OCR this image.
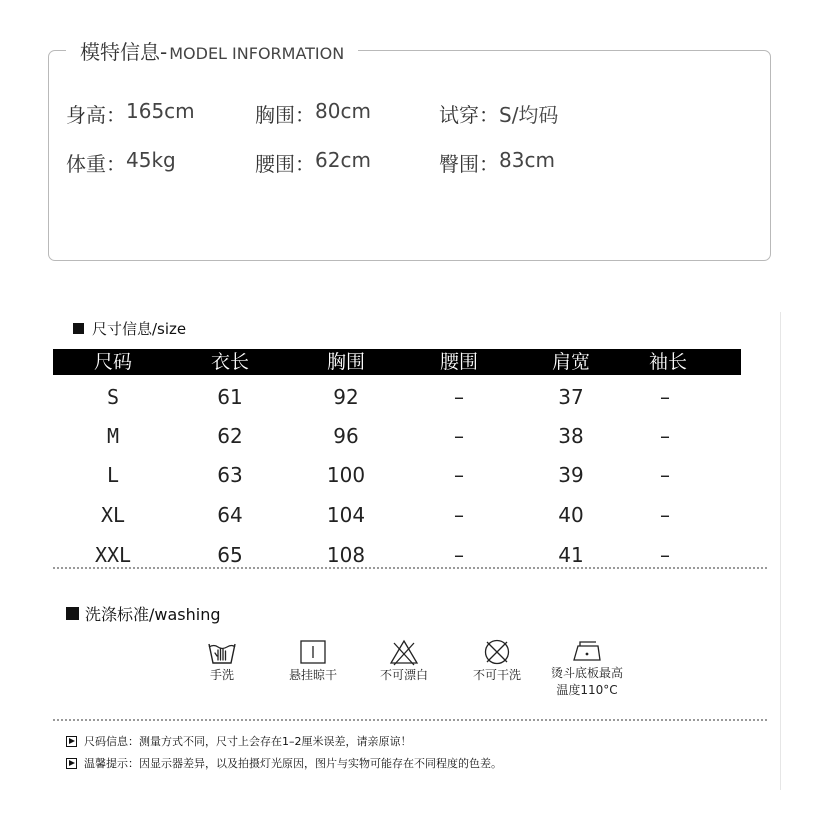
模特信息- MODEL INFORMATION
身高： 165cm	胸围： 80cm	试穿： S/均码
体重： 45kg	腰围： 62cm	臀围： 83cm
尺寸信息/size
尺码	衣长	胸围	腰围	肩宽	袖长
S	61	92	–	37	–
M	62	96	–	38	–
L	63	100	–	39	–
XL	64	104	–	40	–
XXL	65	108	–	41	–
洗涤标准/washing
手洗	悬挂晾干	不可漂白	不可干洗 烫斗底板最高
温度110°C
尺码信息：测量方式不同，尺寸上会存在1–2厘米误差，请亲原谅！
温馨提示：因显示器差异，以及拍摄灯光原因，图片与实物可能存在不同程度的色差。
